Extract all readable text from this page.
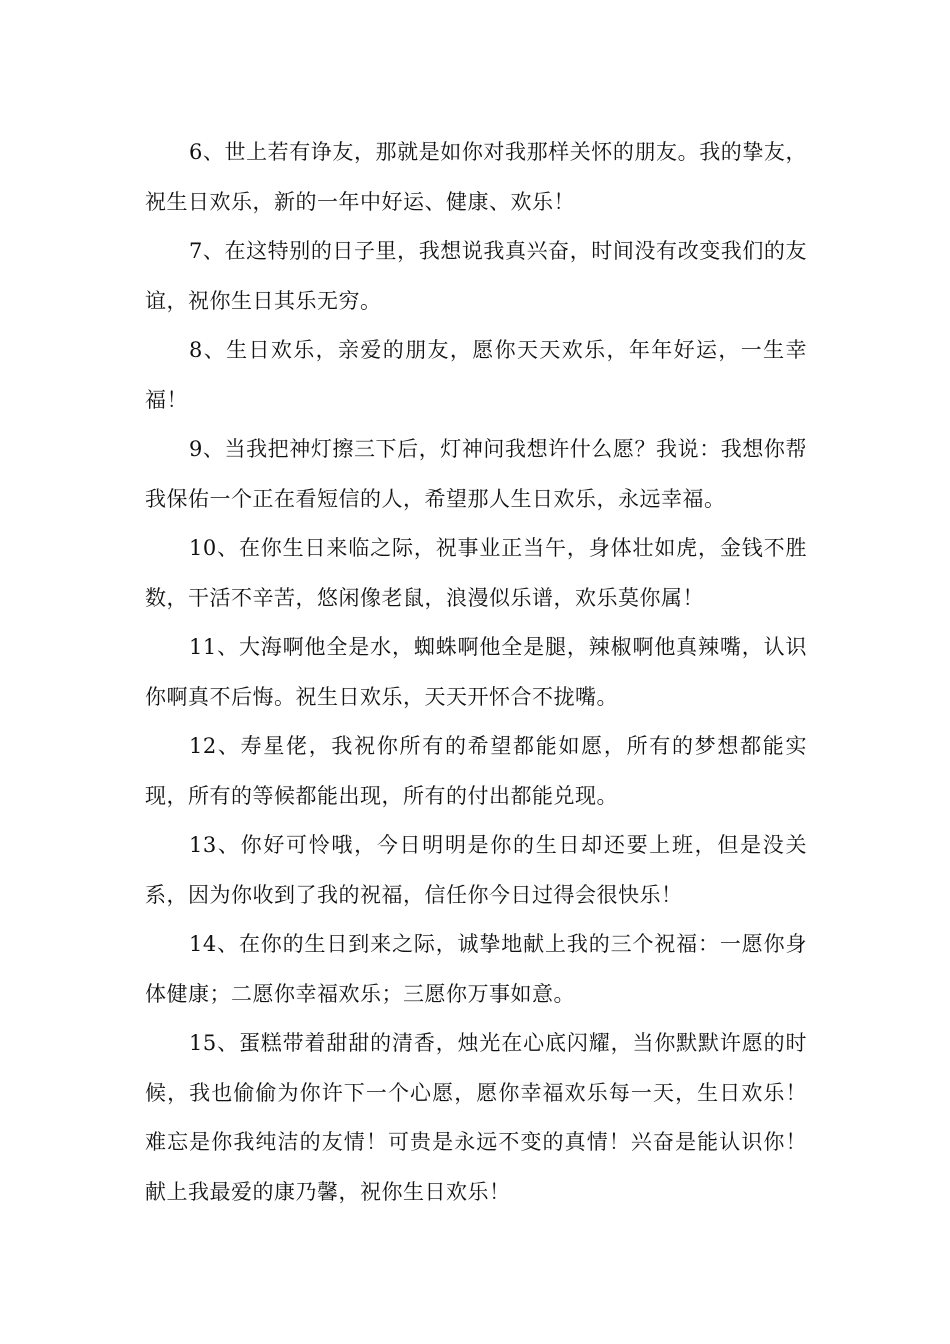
6、世上若有诤友，那就是如你对我那样关怀的朋友。我的挚友，祝生日欢乐，新的一年中好运、健康、欢乐！

7、在这特别的日子里，我想说我真兴奋，时间没有改变我们的友谊，祝你生日其乐无穷。

8、生日欢乐，亲爱的朋友，愿你天天欢乐，年年好运，一生幸福！

9、当我把神灯擦三下后，灯神问我想许什么愿？我说：我想你帮我保佑一个正在看短信的人，希望那人生日欢乐，永远幸福。

10、在你生日来临之际，祝事业正当午，身体壮如虎，金钱不胜数，干活不辛苦，悠闲像老鼠，浪漫似乐谱，欢乐莫你属！

11、大海啊他全是水，蜘蛛啊他全是腿，辣椒啊他真辣嘴，认识你啊真不后悔。祝生日欢乐，天天开怀合不拢嘴。

12、寿星佬，我祝你所有的希望都能如愿，所有的梦想都能实现，所有的等候都能出现，所有的付出都能兑现。

13、你好可怜哦，今日明明是你的生日却还要上班，但是没关系，因为你收到了我的祝福，信任你今日过得会很快乐！

14、在你的生日到来之际，诚挚地献上我的三个祝福：一愿你身体健康；二愿你幸福欢乐；三愿你万事如意。

15、蛋糕带着甜甜的清香，烛光在心底闪耀，当你默默许愿的时候，我也偷偷为你许下一个心愿，愿你幸福欢乐每一天，生日欢乐！难忘是你我纯洁的友情！可贵是永远不变的真情！兴奋是能认识你！献上我最爱的康乃馨，祝你生日欢乐！
